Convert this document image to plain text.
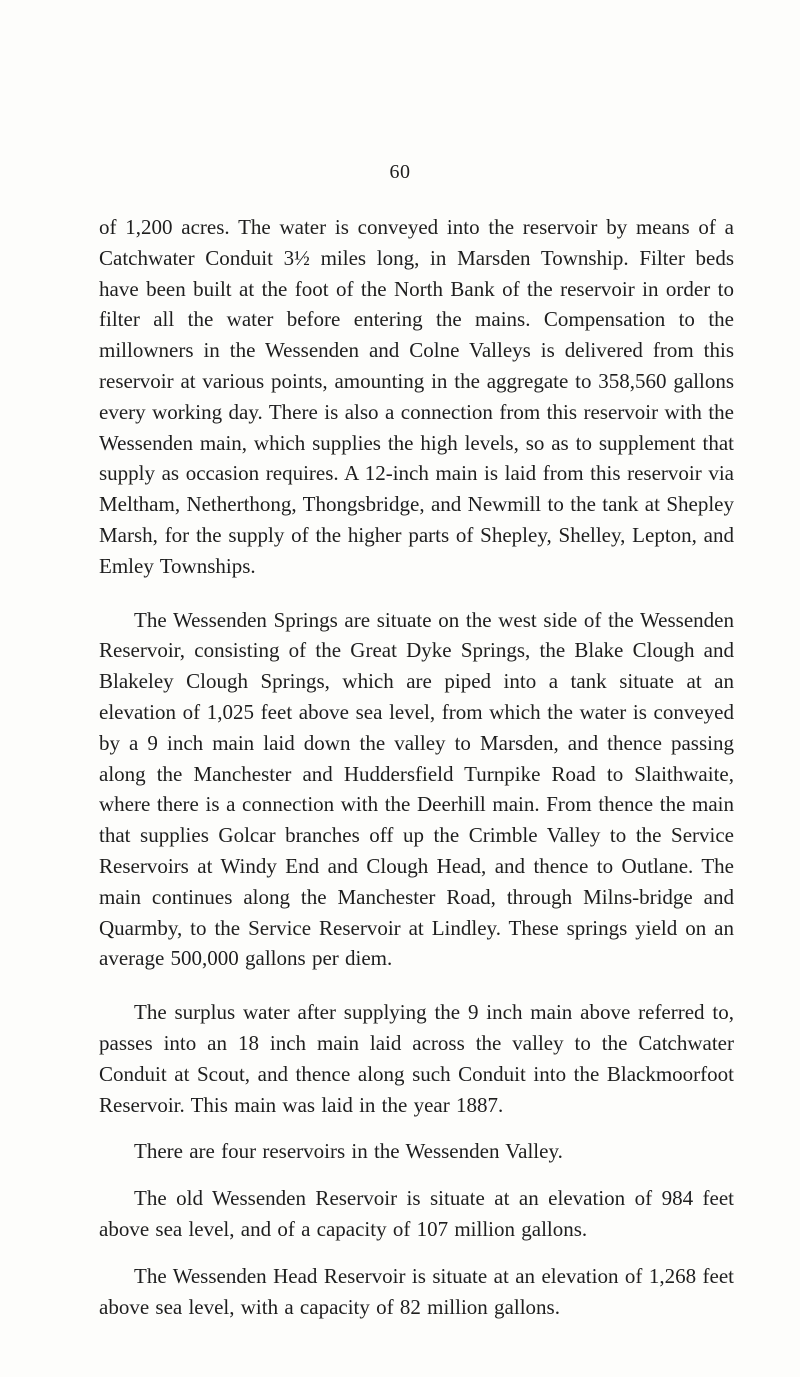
60

of 1,200 acres. The water is conveyed into the reservoir by means of a Catchwater Conduit 3½ miles long, in Marsden Township. Filter beds have been built at the foot of the North Bank of the reservoir in order to filter all the water before entering the mains. Compensation to the millowners in the Wessenden and Colne Valleys is delivered from this reservoir at various points, amounting in the aggregate to 358,560 gallons every working day. There is also a connection from this reservoir with the Wessenden main, which supplies the high levels, so as to supplement that supply as occasion requires. A 12-inch main is laid from this reservoir via Meltham, Netherthong, Thongsbridge, and Newmill to the tank at Shepley Marsh, for the supply of the higher parts of Shepley, Shelley, Lepton, and Emley Townships.

The Wessenden Springs are situate on the west side of the Wessenden Reservoir, consisting of the Great Dyke Springs, the Blake Clough and Blakeley Clough Springs, which are piped into a tank situate at an elevation of 1,025 feet above sea level, from which the water is conveyed by a 9 inch main laid down the valley to Marsden, and thence passing along the Manchester and Huddersfield Turnpike Road to Slaithwaite, where there is a connection with the Deerhill main. From thence the main that supplies Golcar branches off up the Crimble Valley to the Service Reservoirs at Windy End and Clough Head, and thence to Outlane. The main continues along the Manchester Road, through Milns-bridge and Quarmby, to the Service Reservoir at Lindley. These springs yield on an average 500,000 gallons per diem.

The surplus water after supplying the 9 inch main above referred to, passes into an 18 inch main laid across the valley to the Catchwater Conduit at Scout, and thence along such Conduit into the Blackmoorfoot Reservoir. This main was laid in the year 1887.

There are four reservoirs in the Wessenden Valley.

The old Wessenden Reservoir is situate at an elevation of 984 feet above sea level, and of a capacity of 107 million gallons.

The Wessenden Head Reservoir is situate at an elevation of 1,268 feet above sea level, with a capacity of 82 million gallons.
